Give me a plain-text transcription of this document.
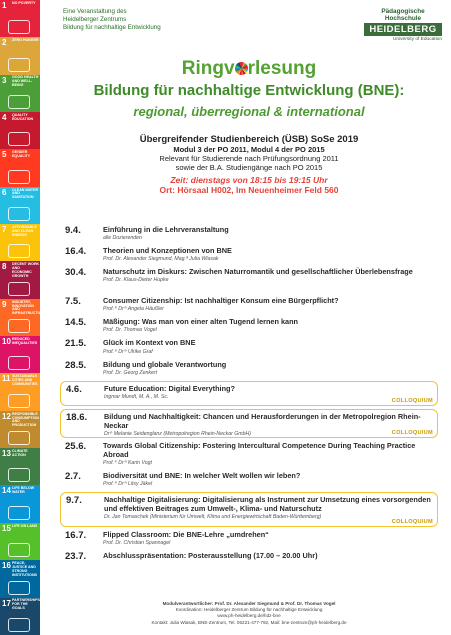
1	NO POVERTY
2	ZERO HUNGER
3	GOOD HEALTH AND WELL-BEING
4	QUALITY EDUCATION
5	GENDER EQUALITY
6	CLEAN WATER AND SANITATION
7	AFFORDABLE AND CLEAN ENERGY
8	DECENT WORK AND ECONOMIC GROWTH
9	INDUSTRY, INNOVATION AND INFRASTRUCTURE
10 REDUCED INEQUALITIES
11 SUSTAINABLE CITIES AND COMMUNITIES
12 RESPONSIBLE CONSUMPTION AND PRODUCTION
13 CLIMATE ACTION
14 LIFE BELOW WATER
15 LIFE ON LAND
16 PEACE, JUSTICE AND STRONG INSTITUTIONS
17 PARTNERSHIPS FOR THE GOALS
Eine Veranstaltung des
Heidelberger Zentrums
Bildung für nachhaltige Entwicklung
Pädagogische Hochschule
HEIDELBERG
University of Education
Ringv rlesung
Bildung für nachhaltige Entwicklung (BNE):
regional, überregional & international
Übergreifender Studienbereich (ÜSB) SoSe 2019
Modul 3 der PO 2011, Modul 4 der PO 2015
Relevant für Studierende nach Prüfungsordnung 2011
sowie der B.A. Studiengänge nach PO 2015
Zeit: dienstags von 18:15 bis 19:15 Uhr
Ort: Hörsaal H002, Im Neuenheimer Feld 560
9.4.	Einführung in die Lehrveranstaltung
alle Dozierenden
16.4.	Theorien und Konzeptionen von BNE
Prof. Dr. Alexander Siegmund, Mag.ª Julia Wlasak
30.4.	Naturschutz im Diskurs: Zwischen Naturromantik und gesellschaftlicher Überlebensfrage
Prof. Dr. Klaus-Dieter Hupke
7.5.	Consumer Citizenship: Ist nachhaltiger Konsum eine Bürgerpflicht?
Prof.ⁱⁿ Drⁱⁿ Angela Häußler
14.5.	Mäßigung: Was man von einer alten Tugend lernen kann
Prof. Dr. Thomas Vogel
21.5.	Glück im Kontext von BNE
Prof.ⁱⁿ Drⁱⁿ Ulrike Graf
28.5.	Bildung und globale Verantwortung
Prof. Dr. Georg Zenkert
4.6.	Future Education: Digital Everything?
Ingmar Mundt, M. A., M. Sc.
COLLOQUIUM
18.6.	Bildung und Nachhaltigkeit: Chancen und Herausforderungen in der Metropolregion Rhein-Neckar
Drⁱⁿ Melanie Seidenglanz (Metropolregion Rhein-Neckar GmbH)	COLLOQUIUM
25.6.	Towards Global Citizenship: Fostering Intercultural Competence During Teaching Practice Abroad
Prof.ⁱⁿ Drⁱⁿ Karin Vogt
2.7.	Biodiversität und BNE: In welcher Welt wollen wir leben?
Prof.ⁱⁿ Drⁱⁿ Litsy Jäkel
9.7.	Nachhaltige Digitalisierung: Digitalisierung als Instrument zur Umsetzung eines vorsorgenden und effektiven Beitrages zum Umwelt-, Klima- und Naturschutz
Dr. Jan Tomaschek (Ministerium für Umwelt, Klima und Energiewirtschaft Baden-Württemberg)
COLLOQUIUM
16.7.	Flipped Classroom: Die BNE-Lehre „umdrehen“
Prof. Dr. Christian Spannagel
23.7.	Abschlusspräsentation: Posterausstellung (17.00 – 20.00 Uhr)
Modulverantwortlicher: Prof. Dr. Alexander Siegmund & Prof. Dr. Thomas Vogel
Koordination: Heidelberger Zentrum Bildung für nachhaltige Entwicklung
www.ph-heidelberg.de/hdz-bne
Kontakt: Julia Wlasak, BNE-Zentrum, Tel. 06221-477-792, Mail: bne-zentrum@ph-heidelberg.de
